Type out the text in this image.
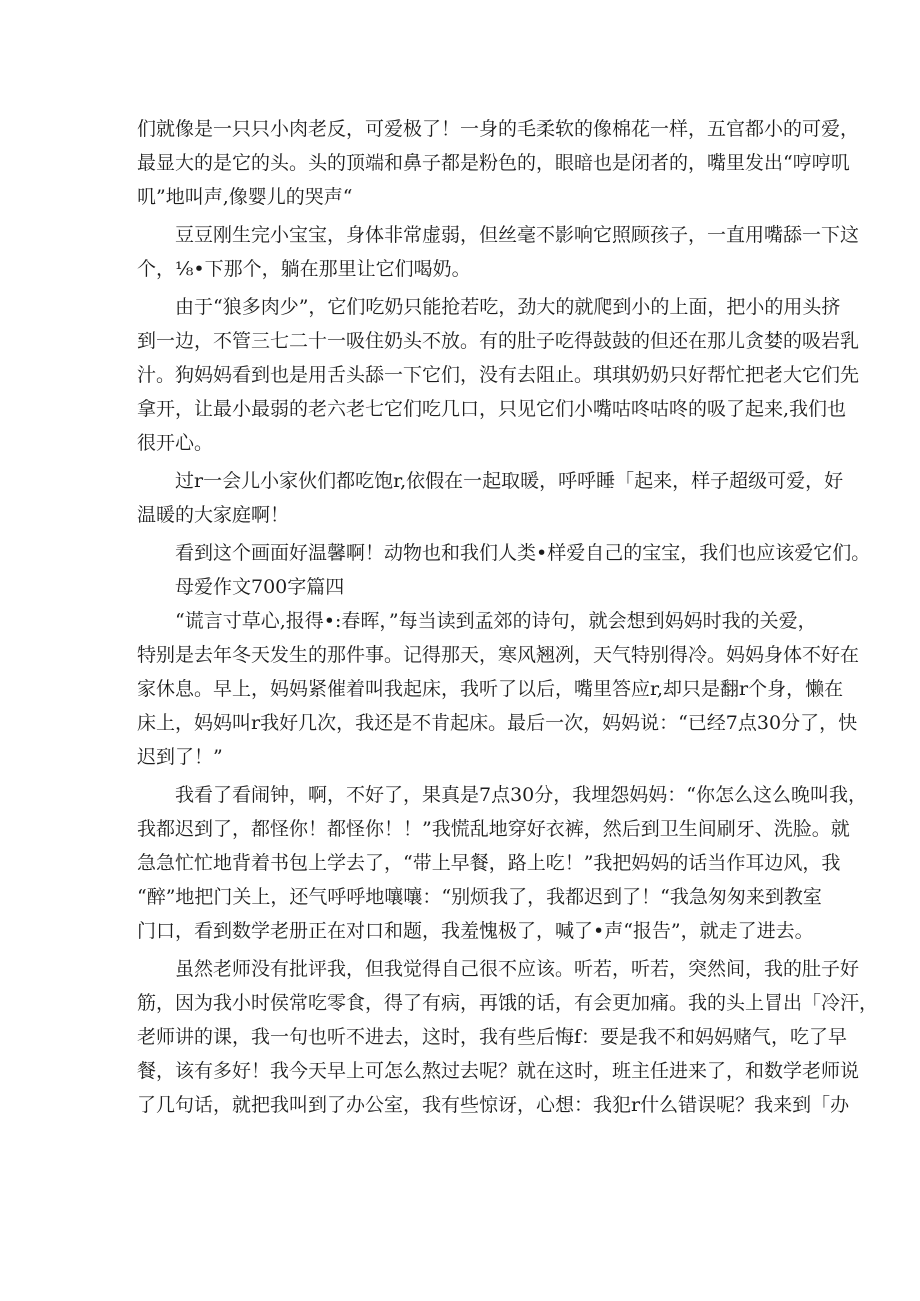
们就像是一只只小肉老反，可爱极了！一身的毛柔软的像棉花一样，五官都小的可爱，
最显大的是它的头。头的顶端和鼻子都是粉色的，眼暗也是闭者的，嘴里发出“哼哼叽
叽”地叫声,像婴儿的哭声“
豆豆刚生完小宝宝，身体非常虚弱，但丝毫不影响它照顾孩子，一直用嘴舔一下这
个，⅛•下那个，躺在那里让它们喝奶。
由于“狼多肉少”，它们吃奶只能抢若吃，劲大的就爬到小的上面，把小的用头挤
到一边，不管三七二十一吸住奶头不放。有的肚子吃得鼓鼓的但还在那儿贪婪的吸岩乳
汁。狗妈妈看到也是用舌头舔一下它们，没有去阻止。琪琪奶奶只好帮忙把老大它们先
拿开，让最小最弱的老六老七它们吃几口，只见它们小嘴咕咚咕咚的吸了起来,我们也
很开心。
过r一会儿小家伙们都吃饱r,依假在一起取暖，呼呼睡「起来，样子超级可爱，好
温暖的大家庭啊！
看到这个画面好温馨啊！动物也和我们人类•样爱自己的宝宝，我们也应该爱它们。
母爱作文700字篇四
“谎言寸草心,报得•:春晖，”每当读到孟郊的诗句，就会想到妈妈时我的关爱，
特别是去年冬天发生的那件事。记得那天，寒风翘冽，天气特别得冷。妈妈身体不好在
家休息。早上，妈妈紧催着叫我起床，我听了以后，嘴里答应r,却只是翻r个身，懒在
床上，妈妈叫r我好几次，我还是不肯起床。最后一次，妈妈说：“已经7点30分了，快
迟到了！”
我看了看闹钟，啊，不好了，果真是7点30分，我埋怨妈妈：“你怎么这么晚叫我，
我都迟到了，都怪你！都怪你！！”我慌乱地穿好衣裤，然后到卫生间刷牙、洗脸。就
急急忙忙地背着书包上学去了，“带上早餐，路上吃！”我把妈妈的话当作耳边风，我
“醉”地把门关上，还气呼呼地嚷嚷：“别烦我了，我都迟到了！“我急匆匆来到教室
门口，看到数学老册正在对口和题，我羞愧极了，喊了•声“报告”，就走了进去。
虽然老师没有批评我，但我觉得自己很不应该。听若，听若，突然间，我的肚子好
筋，因为我小时侯常吃零食，得了有病，再饿的话，有会更加痛。我的头上冒出「冷汗，
老师讲的课，我一句也听不进去，这时，我有些后悔f：要是我不和妈妈赌气，吃了早
餐，该有多好！我今天早上可怎么熬过去呢？就在这时，班主任进来了，和数学老师说
了几句话，就把我叫到了办公室，我有些惊讶，心想：我犯r什么错误呢？我来到「办
